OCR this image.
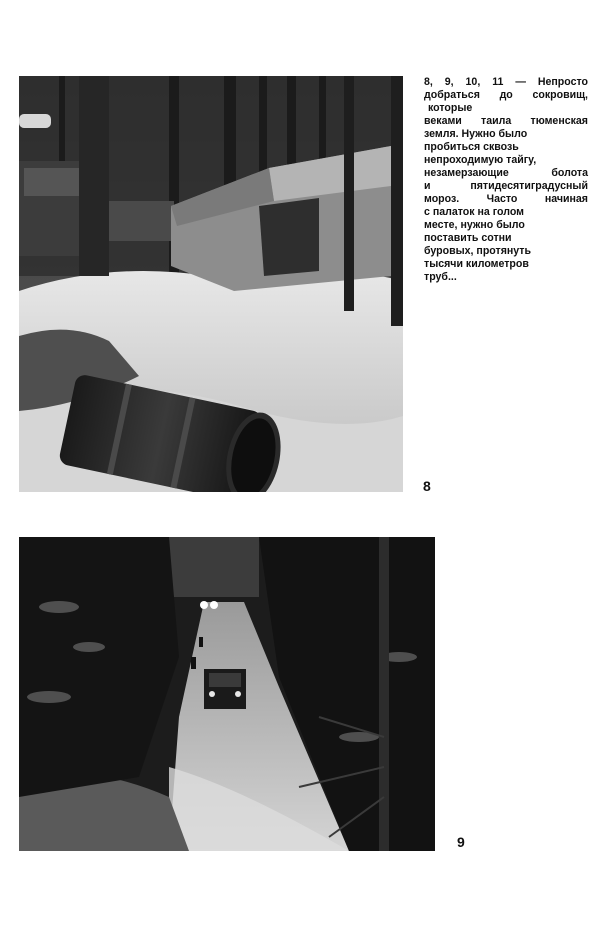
8, 9, 10, 11 — Непросто
добраться до сокровищ,
которые
веками таила тюменская
земля. Нужно было
пробиться сквозь
непроходимую тайгу,
незамерзающие болота
и пятидесятиградусный
мороз. Часто начиная
с палаток на голом
месте, нужно было
поставить сотни
буровых, протянуть
тысячи километров
труб...
8
9
